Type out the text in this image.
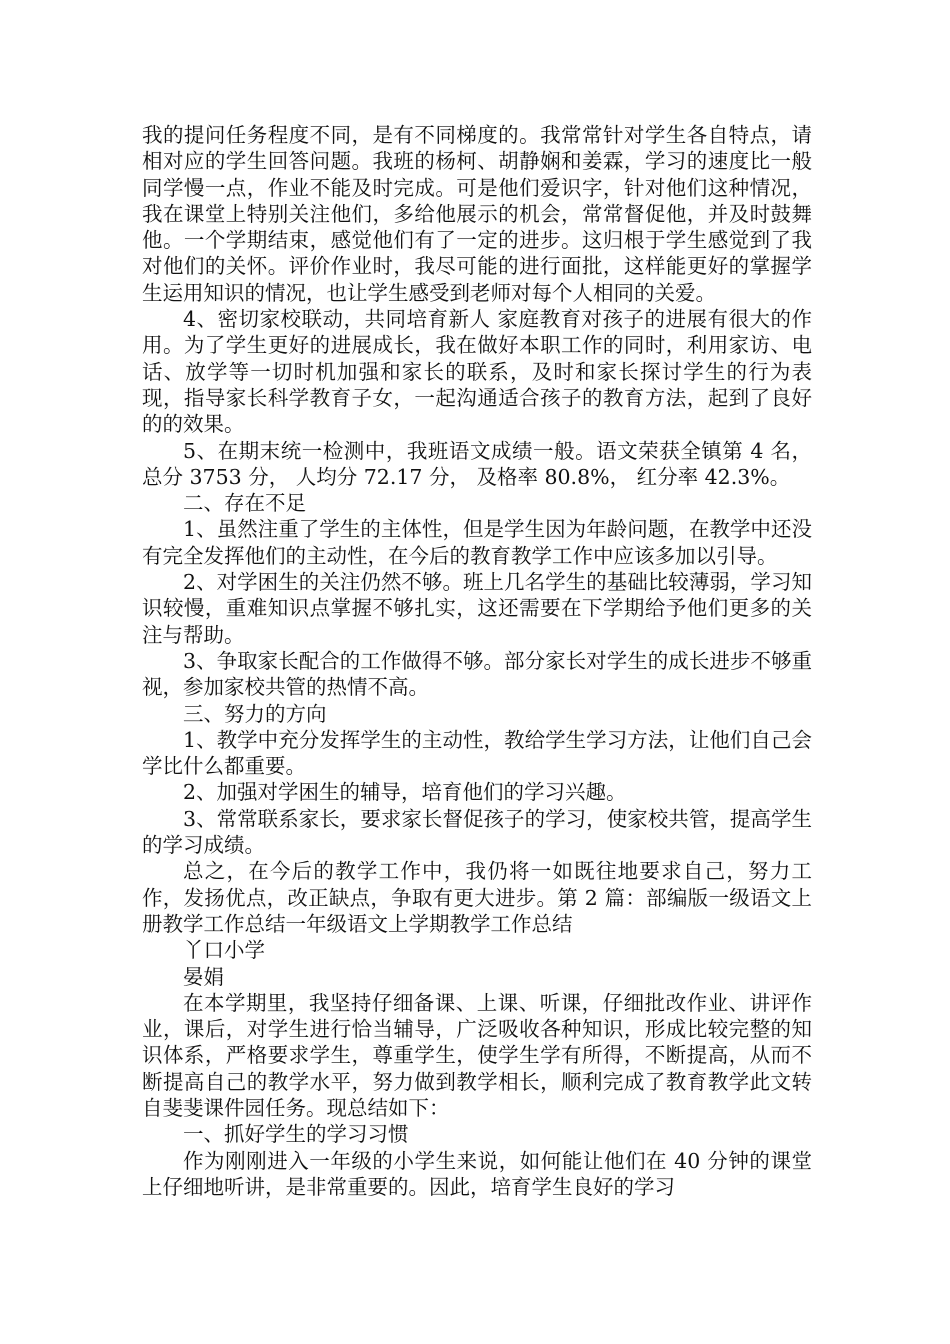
我的提问任务程度不同，是有不同梯度的。我常常针对学生各自特点，请相对应的学生回答问题。我班的杨柯、胡静娴和姜霖，学习的速度比一般同学慢一点，作业不能及时完成。可是他们爱识字，针对他们这种情况，我在课堂上特别关注他们，多给他展示的机会，常常督促他，并及时鼓舞他。一个学期结束，感觉他们有了一定的进步。这归根于学生感觉到了我对他们的关怀。评价作业时，我尽可能的进行面批，这样能更好的掌握学生运用知识的情况，也让学生感受到老师对每个人相同的关爱。

4、密切家校联动，共同培育新人 家庭教育对孩子的进展有很大的作用。为了学生更好的进展成长，我在做好本职工作的同时，利用家访、电话、放学等一切时机加强和家长的联系，及时和家长探讨学生的行为表现，指导家长科学教育子女，一起沟通适合孩子的教育方法，起到了良好的的效果。

5、在期末统一检测中，我班语文成绩一般。语文荣获全镇第 4 名， 总分 3753 分， 人均分 72.17 分， 及格率 80.8%， 红分率 42.3%。

二、存在不足

1、虽然注重了学生的主体性，但是学生因为年龄问题，在教学中还没有完全发挥他们的主动性，在今后的教育教学工作中应该多加以引导。

2、对学困生的关注仍然不够。班上几名学生的基础比较薄弱，学习知识较慢，重难知识点掌握不够扎实，这还需要在下学期给予他们更多的关注与帮助。

3、争取家长配合的工作做得不够。部分家长对学生的成长进步不够重视，参加家校共管的热情不高。

三、努力的方向

1、教学中充分发挥学生的主动性，教给学生学习方法，让他们自己会学比什么都重要。

2、加强对学困生的辅导，培育他们的学习兴趣。

3、常常联系家长，要求家长督促孩子的学习，使家校共管，提高学生的学习成绩。

总之，在今后的教学工作中，我仍将一如既往地要求自己，努力工作，发扬优点，改正缺点，争取有更大进步。第 2 篇：部编版一级语文上册教学工作总结一年级语文上学期教学工作总结

丫口小学

晏娟

在本学期里，我坚持仔细备课、上课、听课，仔细批改作业、讲评作业，课后，对学生进行恰当辅导，广泛吸收各种知识，形成比较完整的知识体系，严格要求学生，尊重学生，使学生学有所得，不断提高，从而不断提高自己的教学水平，努力做到教学相长，顺利完成了教育教学此文转自斐斐课件园任务。现总结如下：

一、抓好学生的学习习惯

作为刚刚进入一年级的小学生来说，如何能让他们在 40 分钟的课堂上仔细地听讲，是非常重要的。因此，培育学生良好的学习
